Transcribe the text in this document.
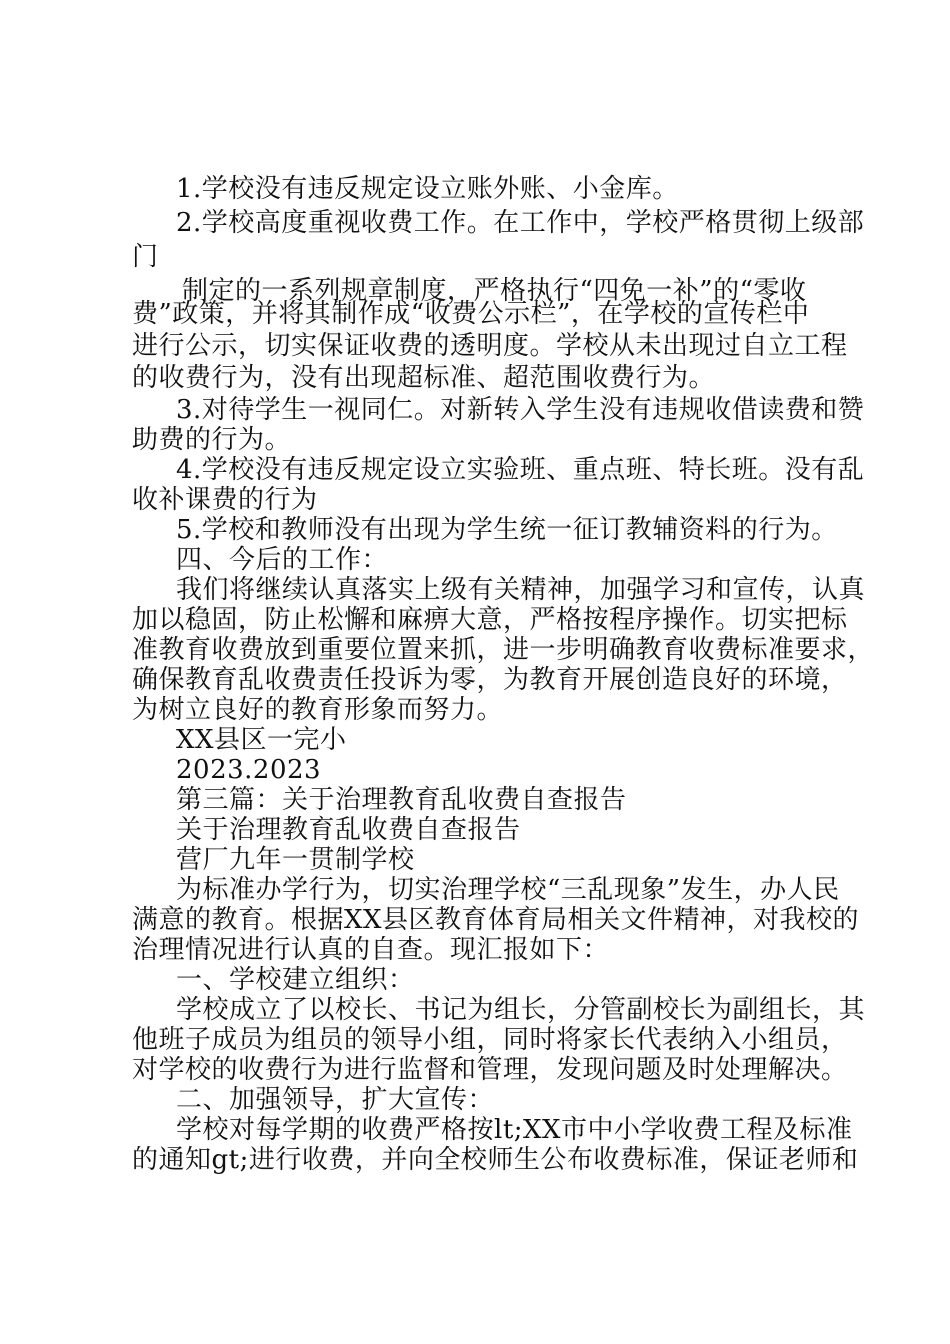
1.学校没有违反规定设立账外账、小金库。
2.学校高度重视收费工作。在工作中，学校严格贯彻上级部
门
制定的一系列规章制度，严格执行“四免一补”的“零收
费”政策，并将其制作成“收费公示栏”，在学校的宣传栏中
进行公示，切实保证收费的透明度。学校从未出现过自立工程
的收费行为，没有出现超标准、超范围收费行为。
3.对待学生一视同仁。对新转入学生没有违规收借读费和赞
助费的行为。
4.学校没有违反规定设立实验班、重点班、特长班。没有乱
收补课费的行为
5.学校和教师没有出现为学生统一征订教辅资料的行为。
四、今后的工作：
我们将继续认真落实上级有关精神，加强学习和宣传，认真
加以稳固，防止松懈和麻痹大意，严格按程序操作。切实把标
准教育收费放到重要位置来抓，进一步明确教育收费标准要求，
确保教育乱收费责任投诉为零，为教育开展创造良好的环境，
为树立良好的教育形象而努力。
XX县区一完小
2023.2023
第三篇：关于治理教育乱收费自查报告
关于治理教育乱收费自查报告
营厂九年一贯制学校
为标准办学行为，切实治理学校“三乱现象”发生，办人民
满意的教育。根据XX县区教育体育局相关文件精神，对我校的
治理情况进行认真的自查。现汇报如下：
一、学校建立组织：
学校成立了以校长、书记为组长，分管副校长为副组长，其
他班子成员为组员的领导小组，同时将家长代表纳入小组员，
对学校的收费行为进行监督和管理，发现问题及时处理解决。
二、加强领导，扩大宣传：
学校对每学期的收费严格按lt;XX市中小学收费工程及标准
的通知gt;进行收费，并向全校师生公布收费标准，保证老师和
